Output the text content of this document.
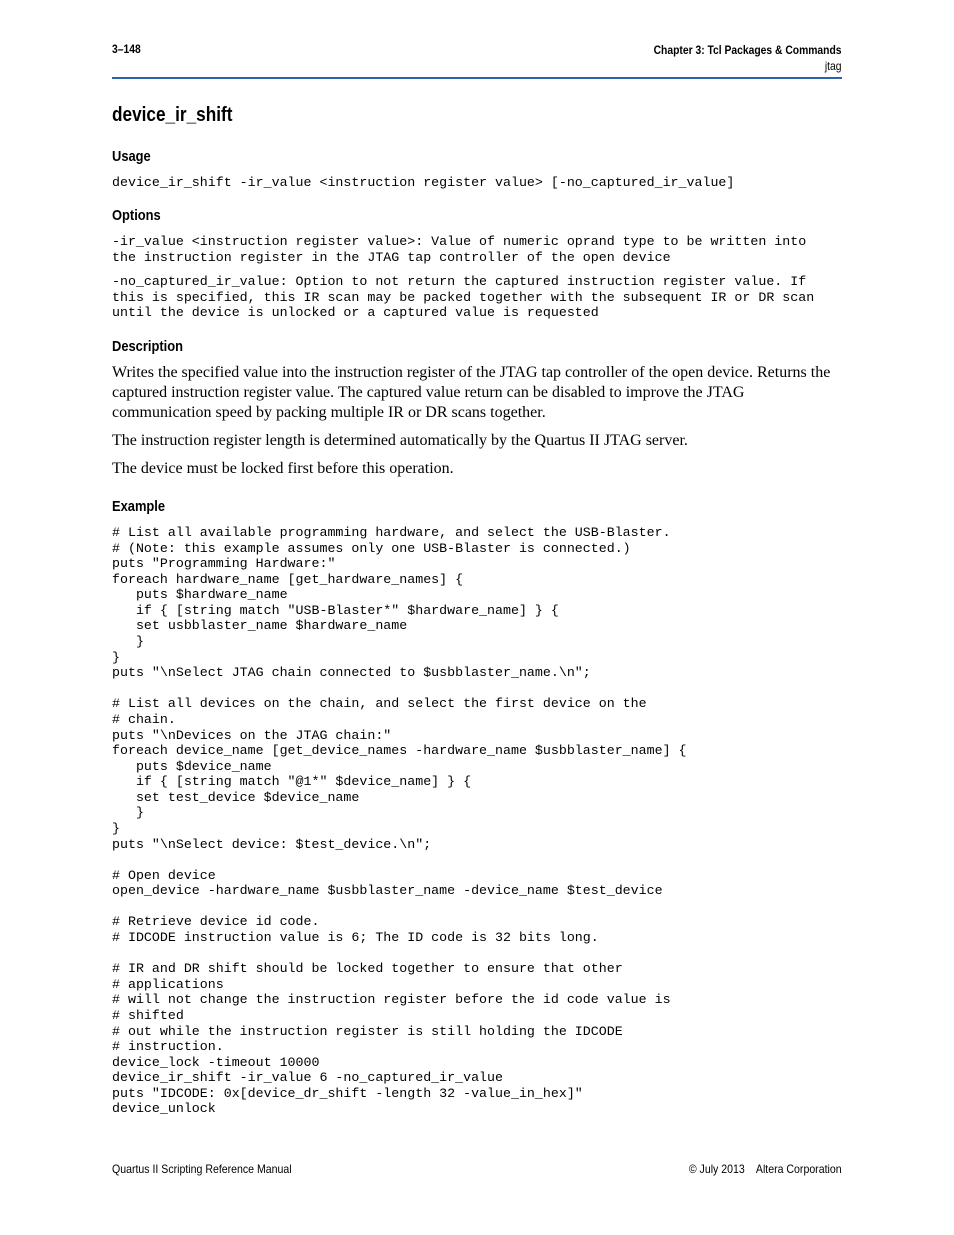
3–148	Chapter 3: Tcl Packages & Commands
jtag
device_ir_shift
Usage
device_ir_shift -ir_value <instruction register value> [-no_captured_ir_value]
Options
-ir_value <instruction register value>: Value of numeric oprand type to be written into
the instruction register in the JTAG tap controller of the open device
-no_captured_ir_value: Option to not return the captured instruction register value. If
this is specified, this IR scan may be packed together with the subsequent IR or DR scan
until the device is unlocked or a captured value is requested
Description

Writes the specified value into the instruction register of the JTAG tap controller of the open device. Returns the captured instruction register value. The captured value return can be disabled to improve the JTAG communication speed by packing multiple IR or DR scans together.

The instruction register length is determined automatically by the Quartus II JTAG server.

The device must be locked first before this operation.

Example
# List all available programming hardware, and select the USB-Blaster.
# (Note: this example assumes only one USB-Blaster is connected.)
puts "Programming Hardware:"
foreach hardware_name [get_hardware_names] {
puts $hardware_name
if { [string match "USB-Blaster*" $hardware_name] } {
set usbblaster_name $hardware_name
}
}
puts "\nSelect JTAG chain connected to $usbblaster_name.\n";

# List all devices on the chain, and select the first device on the
# chain.
puts "\nDevices on the JTAG chain:"
foreach device_name [get_device_names -hardware_name $usbblaster_name] {
puts $device_name
if { [string match "@1*" $device_name] } {
set test_device $device_name
}
}
puts "\nSelect device: $test_device.\n";

# Open device
open_device -hardware_name $usbblaster_name -device_name $test_device

# Retrieve device id code.
# IDCODE instruction value is 6; The ID code is 32 bits long.

# IR and DR shift should be locked together to ensure that other
# applications
# will not change the instruction register before the id code value is
# shifted
# out while the instruction register is still holding the IDCODE
# instruction.
device_lock -timeout 10000
device_ir_shift -ir_value 6 -no_captured_ir_value
puts "IDCODE: 0x[device_dr_shift -length 32 -value_in_hex]"
device_unlock
Quartus II Scripting Reference Manual	© July 2013    Altera Corporation
